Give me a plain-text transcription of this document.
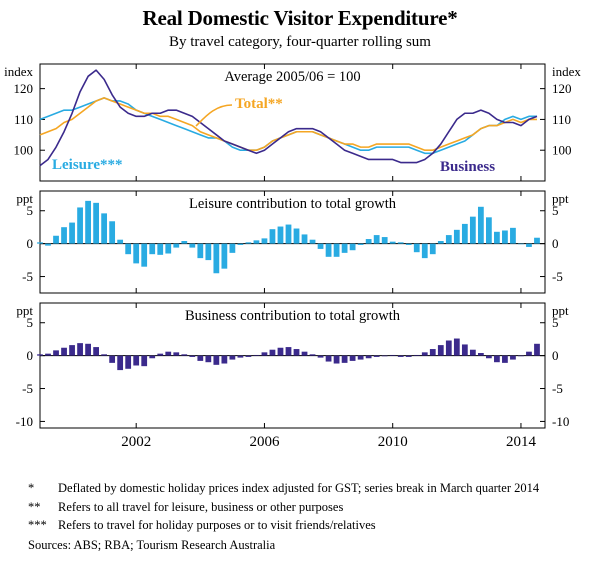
Real Domestic Visitor Expenditure*
By travel category, four-quarter rolling sum
100	100
110	110
120	120
index	index
Average 2005/06 = 100
-5	-5
0	0
5	5
ppt	ppt
Leisure contribution to total growth
-10	-10
-5	-5
0	0
5	5
ppt	ppt
Business contribution to total growth
2002	2006	2010	2014
Total**
Leisure***	Business
*	Deflated by domestic holiday prices index adjusted for GST; series break in March quarter 2014
**	Refers to all travel for leisure, business or other purposes
*** Refers to travel for holiday purposes or to visit friends/relatives
Sources: ABS; RBA; Tourism Research Australia
